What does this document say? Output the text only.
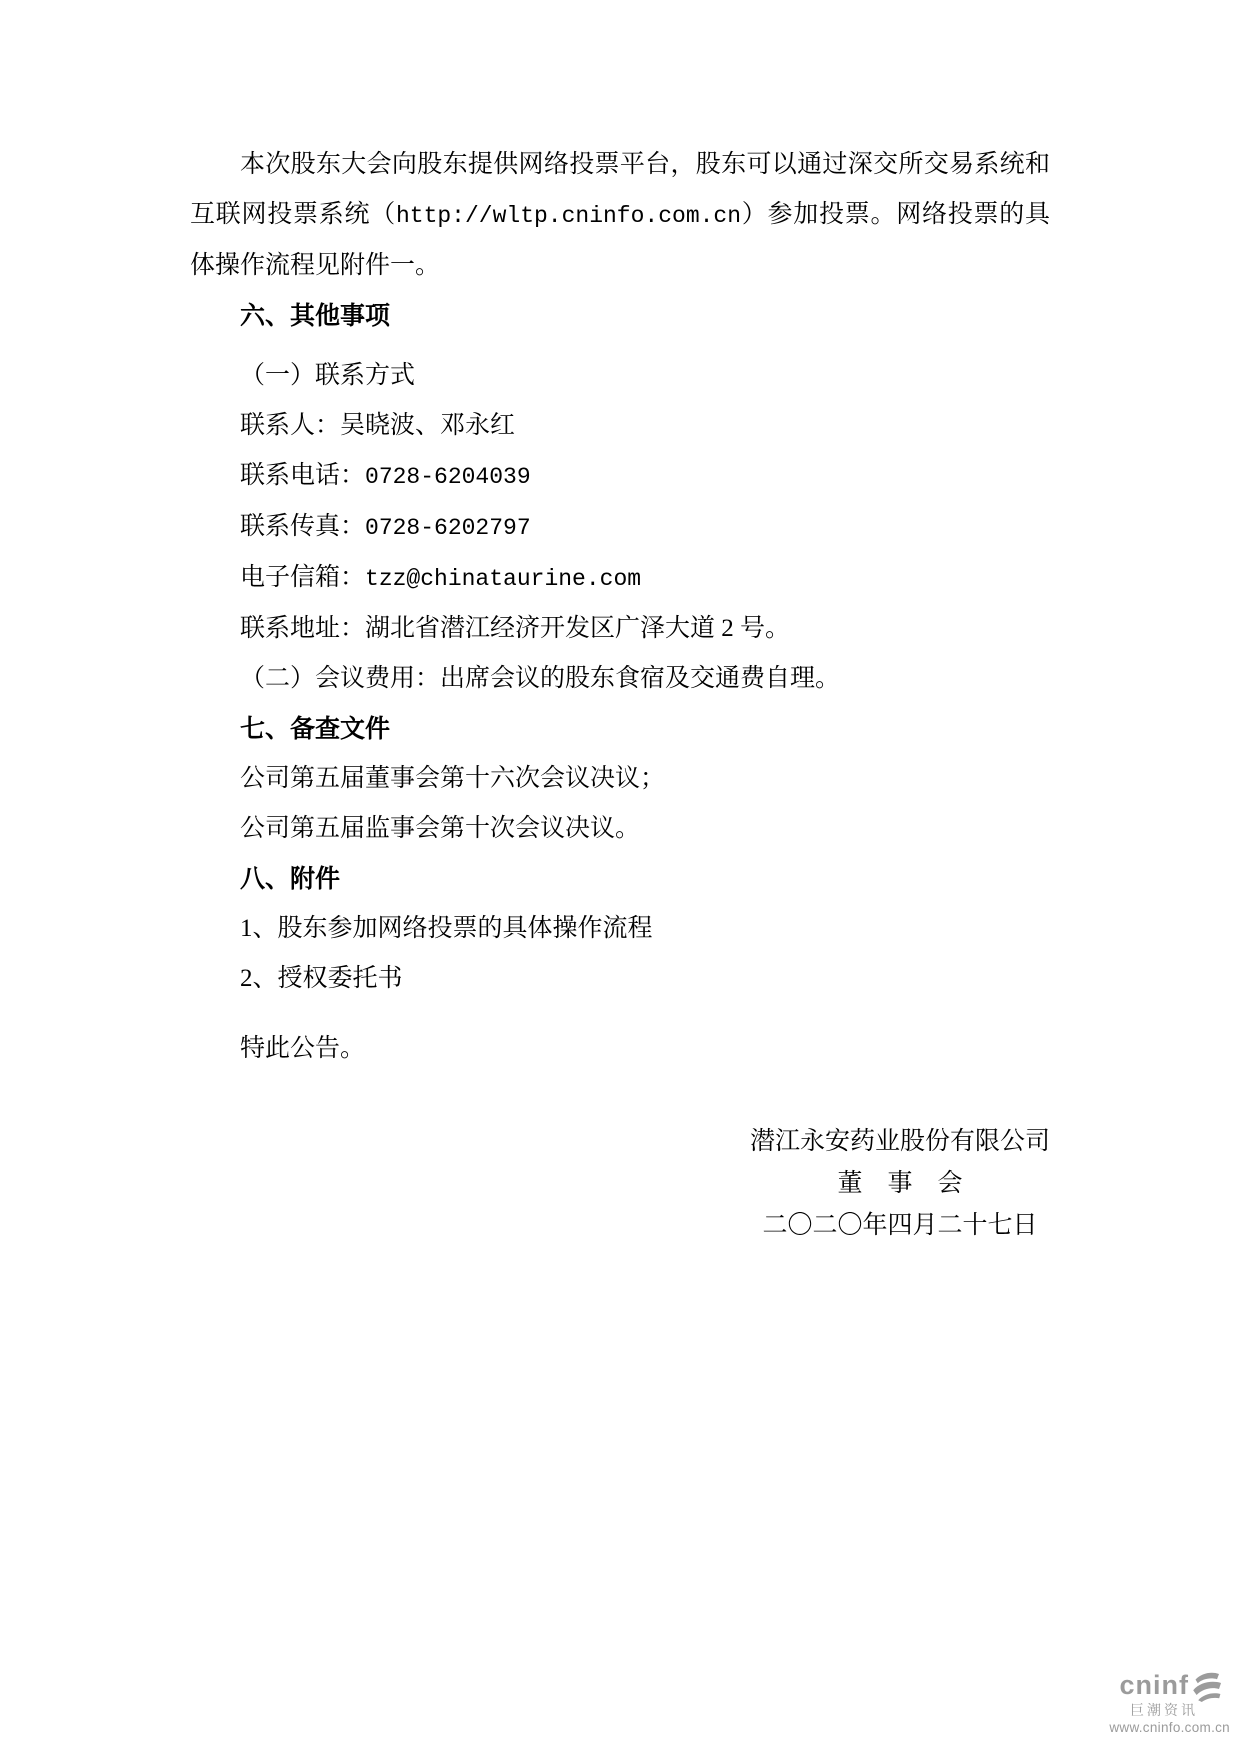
本次股东大会向股东提供网络投票平台，股东可以通过深交所交易系统和互联网投票系统（http://wltp.cninfo.com.cn）参加投票。网络投票的具体操作流程见附件一。

六、其他事项

（一）联系方式

联系人：吴晓波、邓永红

联系电话：0728-6204039

联系传真：0728-6202797

电子信箱：tzz@chinataurine.com

联系地址：湖北省潜江经济开发区广泽大道 2 号。

（二）会议费用：出席会议的股东食宿及交通费自理。

七、备查文件

公司第五届董事会第十六次会议决议；

公司第五届监事会第十次会议决议。

八、附件

1、股东参加网络投票的具体操作流程

2、授权委托书

特此公告。

潜江永安药业股份有限公司
董　事　会
二〇二〇年四月二十七日
cninf
巨潮资讯
www.cninfo.com.cn
